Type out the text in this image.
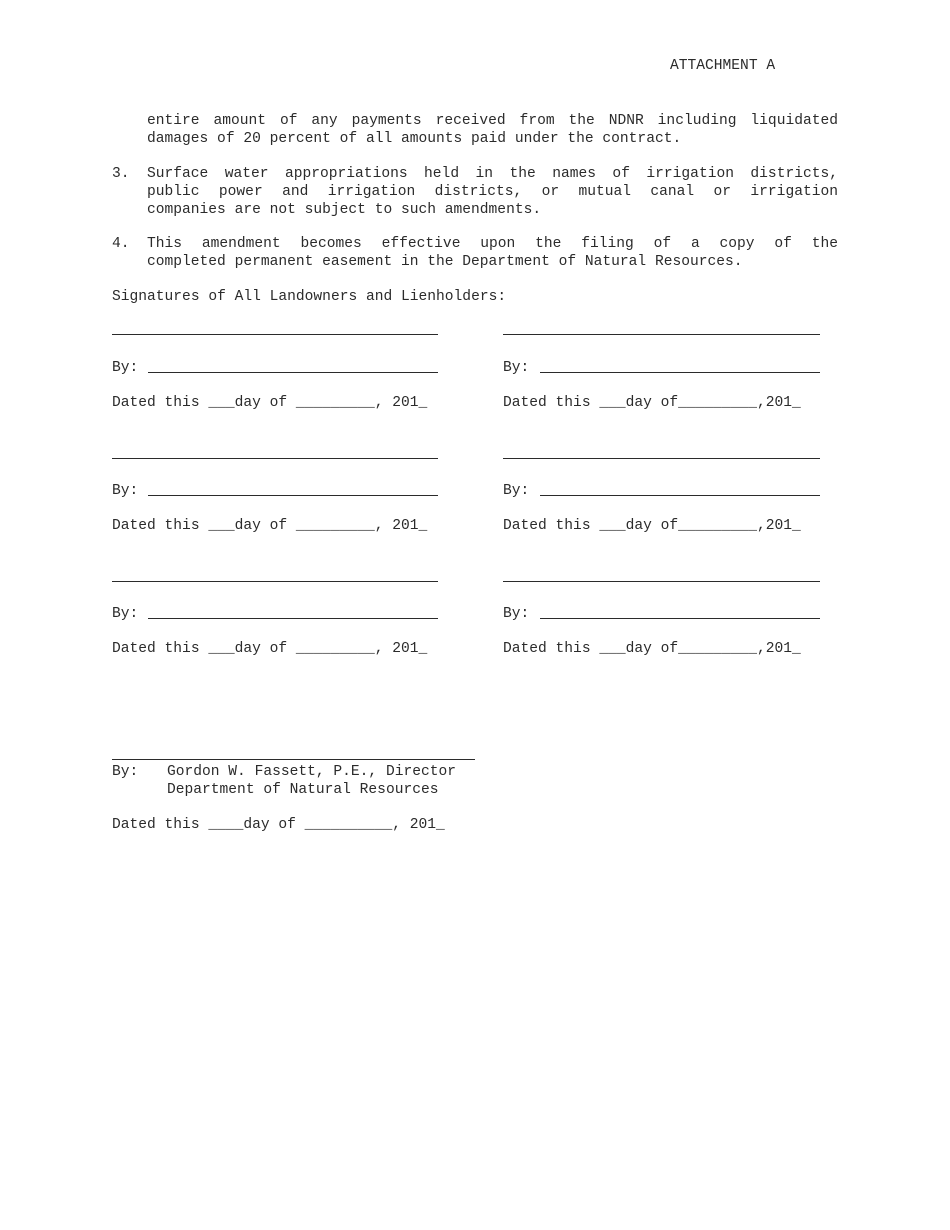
ATTACHMENT A
entire amount of any payments received from the NDNR including liquidated
damages of 20 percent of all amounts paid under the contract.
3. Surface water appropriations held in the names of irrigation districts,
public power and irrigation districts, or mutual canal or irrigation
companies are not subject to such amendments.
4. This amendment becomes effective upon the filing of a copy of the
completed permanent easement in the Department of Natural Resources.
Signatures of All Landowners and Lienholders:
By:	By:
Dated this ___day of _________, 201_	Dated this ___day of_________,201_
By:	By:
Dated this ___day of _________, 201_	Dated this ___day of_________,201_
By:	By:
Dated this ___day of _________, 201_	Dated this ___day of_________,201_
By: Gordon W. Fassett, P.E., Director
Department of Natural Resources
Dated this ____day of __________, 201_
